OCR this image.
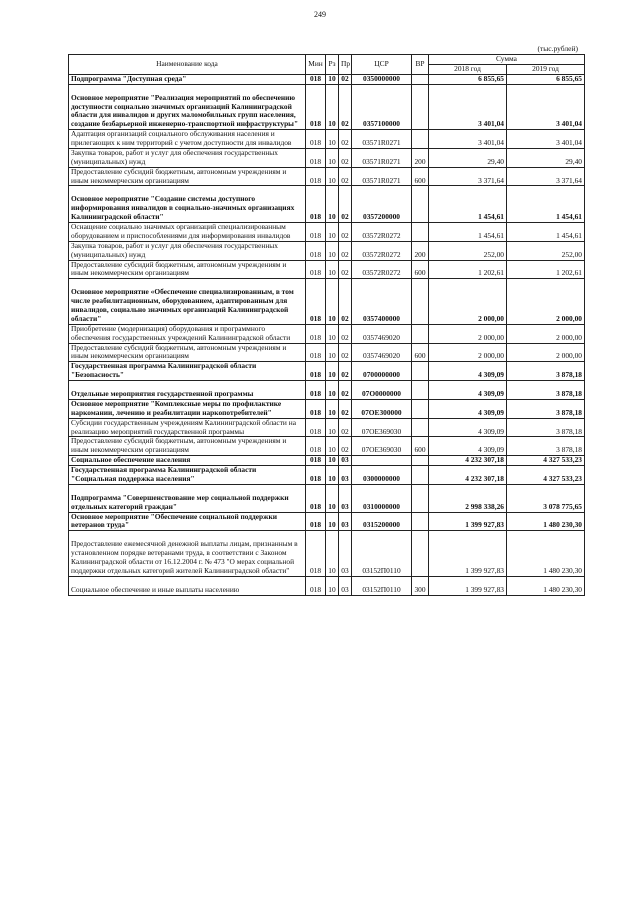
249
(тыс.рублей)
Наименование кода	Мин	Рз	Пр	ЦСР	ВР	Сумма	
						2018 год	2019 год
Подпрограмма "Доступная среда"	018	10	02	0350000000		6 855,65	6 855,65
Основное мероприятие "Реализация мероприятий по обеспечению доступности социально значимых организаций Калининградской области для инвалидов и других маломобильных групп населения, создание безбарьерной инженерно-транспортной инфраструктуры"	018	10	02	0357100000		3 401,04	3 401,04
Адаптация организаций социального обслуживания населения и прилегающих к ним территорий с учетом доступности для инвалидов	018	10	02	03571R0271		3 401,04	3 401,04
Закупка товаров, работ и услуг для обеспечения государственных (муниципальных) нужд	018	10	02	03571R0271	200	29,40	29,40
Предоставление субсидий бюджетным, автономным учреждениям и иным некоммерческим организациям	018	10	02	03571R0271	600	3 371,64	3 371,64
Основное мероприятие "Создание системы доступного информирования инвалидов в социально-значимых организациях Калининградской области"	018	10	02	0357200000		1 454,61	1 454,61
Оснащение социально значимых организаций специализированным оборудованием и приспособлениями для информирования инвалидов	018	10	02	03572R0272		1 454,61	1 454,61
Закупка товаров, работ и услуг для обеспечения государственных (муниципальных) нужд	018	10	02	03572R0272	200	252,00	252,00
Предоставление субсидий бюджетным, автономным учреждениям и иным некоммерческим организациям	018	10	02	03572R0272	600	1 202,61	1 202,61
Основное мероприятие «Обеспечение специализированным, в том числе реабилитационным, оборудованием, адаптированным для инвалидов, социально значимых организаций Калининградской области"	018	10	02	0357400000		2 000,00	2 000,00
Приобретение (модернизация) оборудования и программного обеспечения государственных учреждений Калининградской области	018	10	02	0357469020		2 000,00	2 000,00
Предоставление субсидий бюджетным, автономным учреждениям и иным некоммерческим организациям	018	10	02	0357469020	600	2 000,00	2 000,00
Государственная программа Калининградской области "Безопасность"	018	10	02	0700000000		4 309,09	3 878,18
Отдельные мероприятия государственной программы	018	10	02	07О0000000		4 309,09	3 878,18
Основное мероприятие "Комплексные меры по профилактике наркомании, лечению и реабилитации наркопотребителей"	018	10	02	07ОЕ300000		4 309,09	3 878,18
Субсидии государственным учреждениям Калининградской области на реализацию мероприятий государственной программы	018	10	02	07ОЕ369030		4 309,09	3 878,18
Предоставление субсидий бюджетным, автономным учреждениям и иным некоммерческим организациям	018	10	02	07ОЕ369030	600	4 309,09	3 878,18
Социальное обеспечение населения	018	10	03			4 232 307,18	4 327 533,23
Государственная программа Калининградской области "Социальная поддержка населения"	018	10	03	0300000000		4 232 307,18	4 327 533,23
Подпрограмма "Совершенствование мер социальной поддержки отдельных категорий граждан"	018	10	03	0310000000		2 998 338,26	3 078 775,65
Основное мероприятие "Обеспечение социальной поддержки ветеранов труда"	018	10	03	0315200000		1 399 927,83	1 480 230,30
Предоставление ежемесячной денежной выплаты лицам, признанным в установленном порядке ветеранами труда, в соответствии с Законом Калининградской области от 16.12.2004 г. № 473 "О мерах социальной поддержки отдельных категорий жителей Калининградской области"	018	10	03	03152П0110		1 399 927,83	1 480 230,30
Социальное обеспечение и иные выплаты населению	018	10	03	03152П0110	300	1 399 927,83	1 480 230,30
